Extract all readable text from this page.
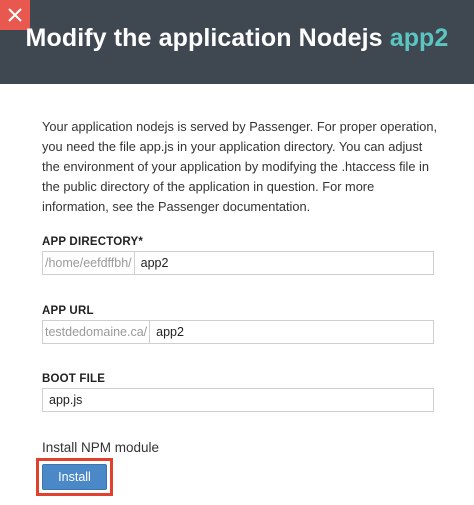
Modify the application Nodejs app2
Your application nodejs is served by Passenger. For proper operation, you need the file app.js in your application directory. You can adjust the environment of your application by modifying the .htaccess file in the public directory of the application in question. For more information, see the Passenger documentation.
APP DIRECTORY*
/home/eefdffbh/
app2
APP URL
testdedomaine.ca/
app2
BOOT FILE
app.js
Install NPM module
Install
